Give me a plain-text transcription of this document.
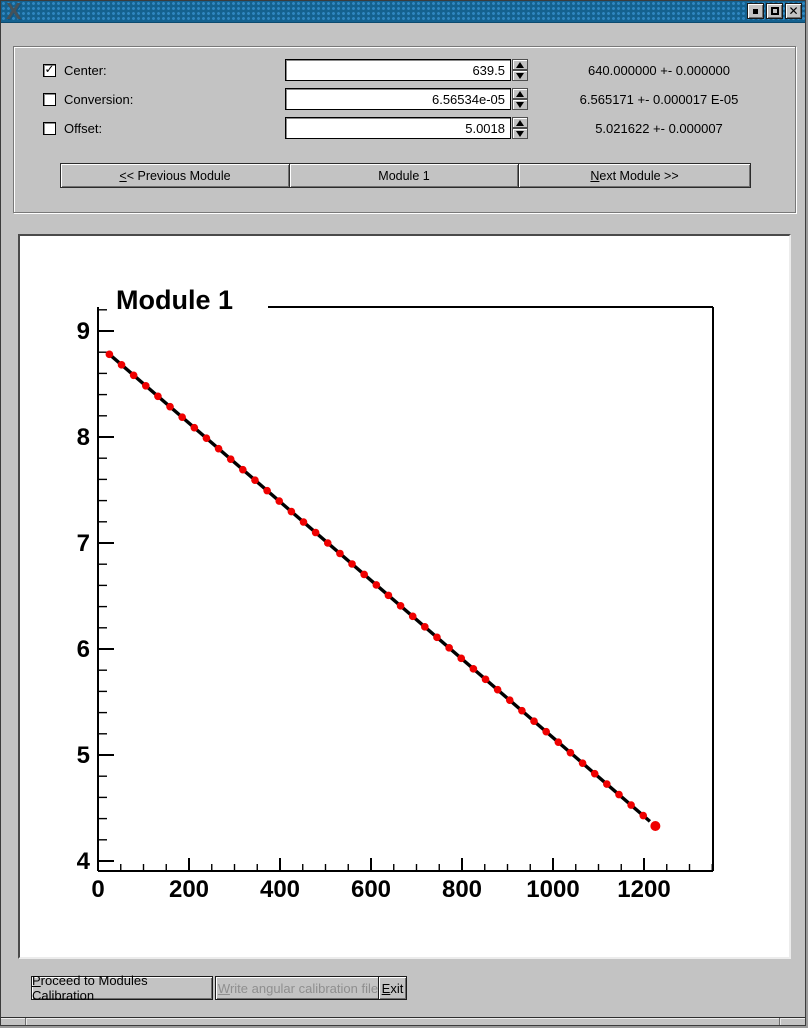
X	✕
✓ Center:
639.5	640.000000 +- 0.000000
Conversion:
6.56534e-05	6.565171 +- 0.000017 E-05
Offset:
5.0018	5.021622 +- 0.000007
<< Previous Module	Module 1	Next Module >>
4
5
6
7
8
9
0	200 400 600 800 1000 1200
Module 1
Proceed to Modules Calibration	Write angular calibration file Exit
